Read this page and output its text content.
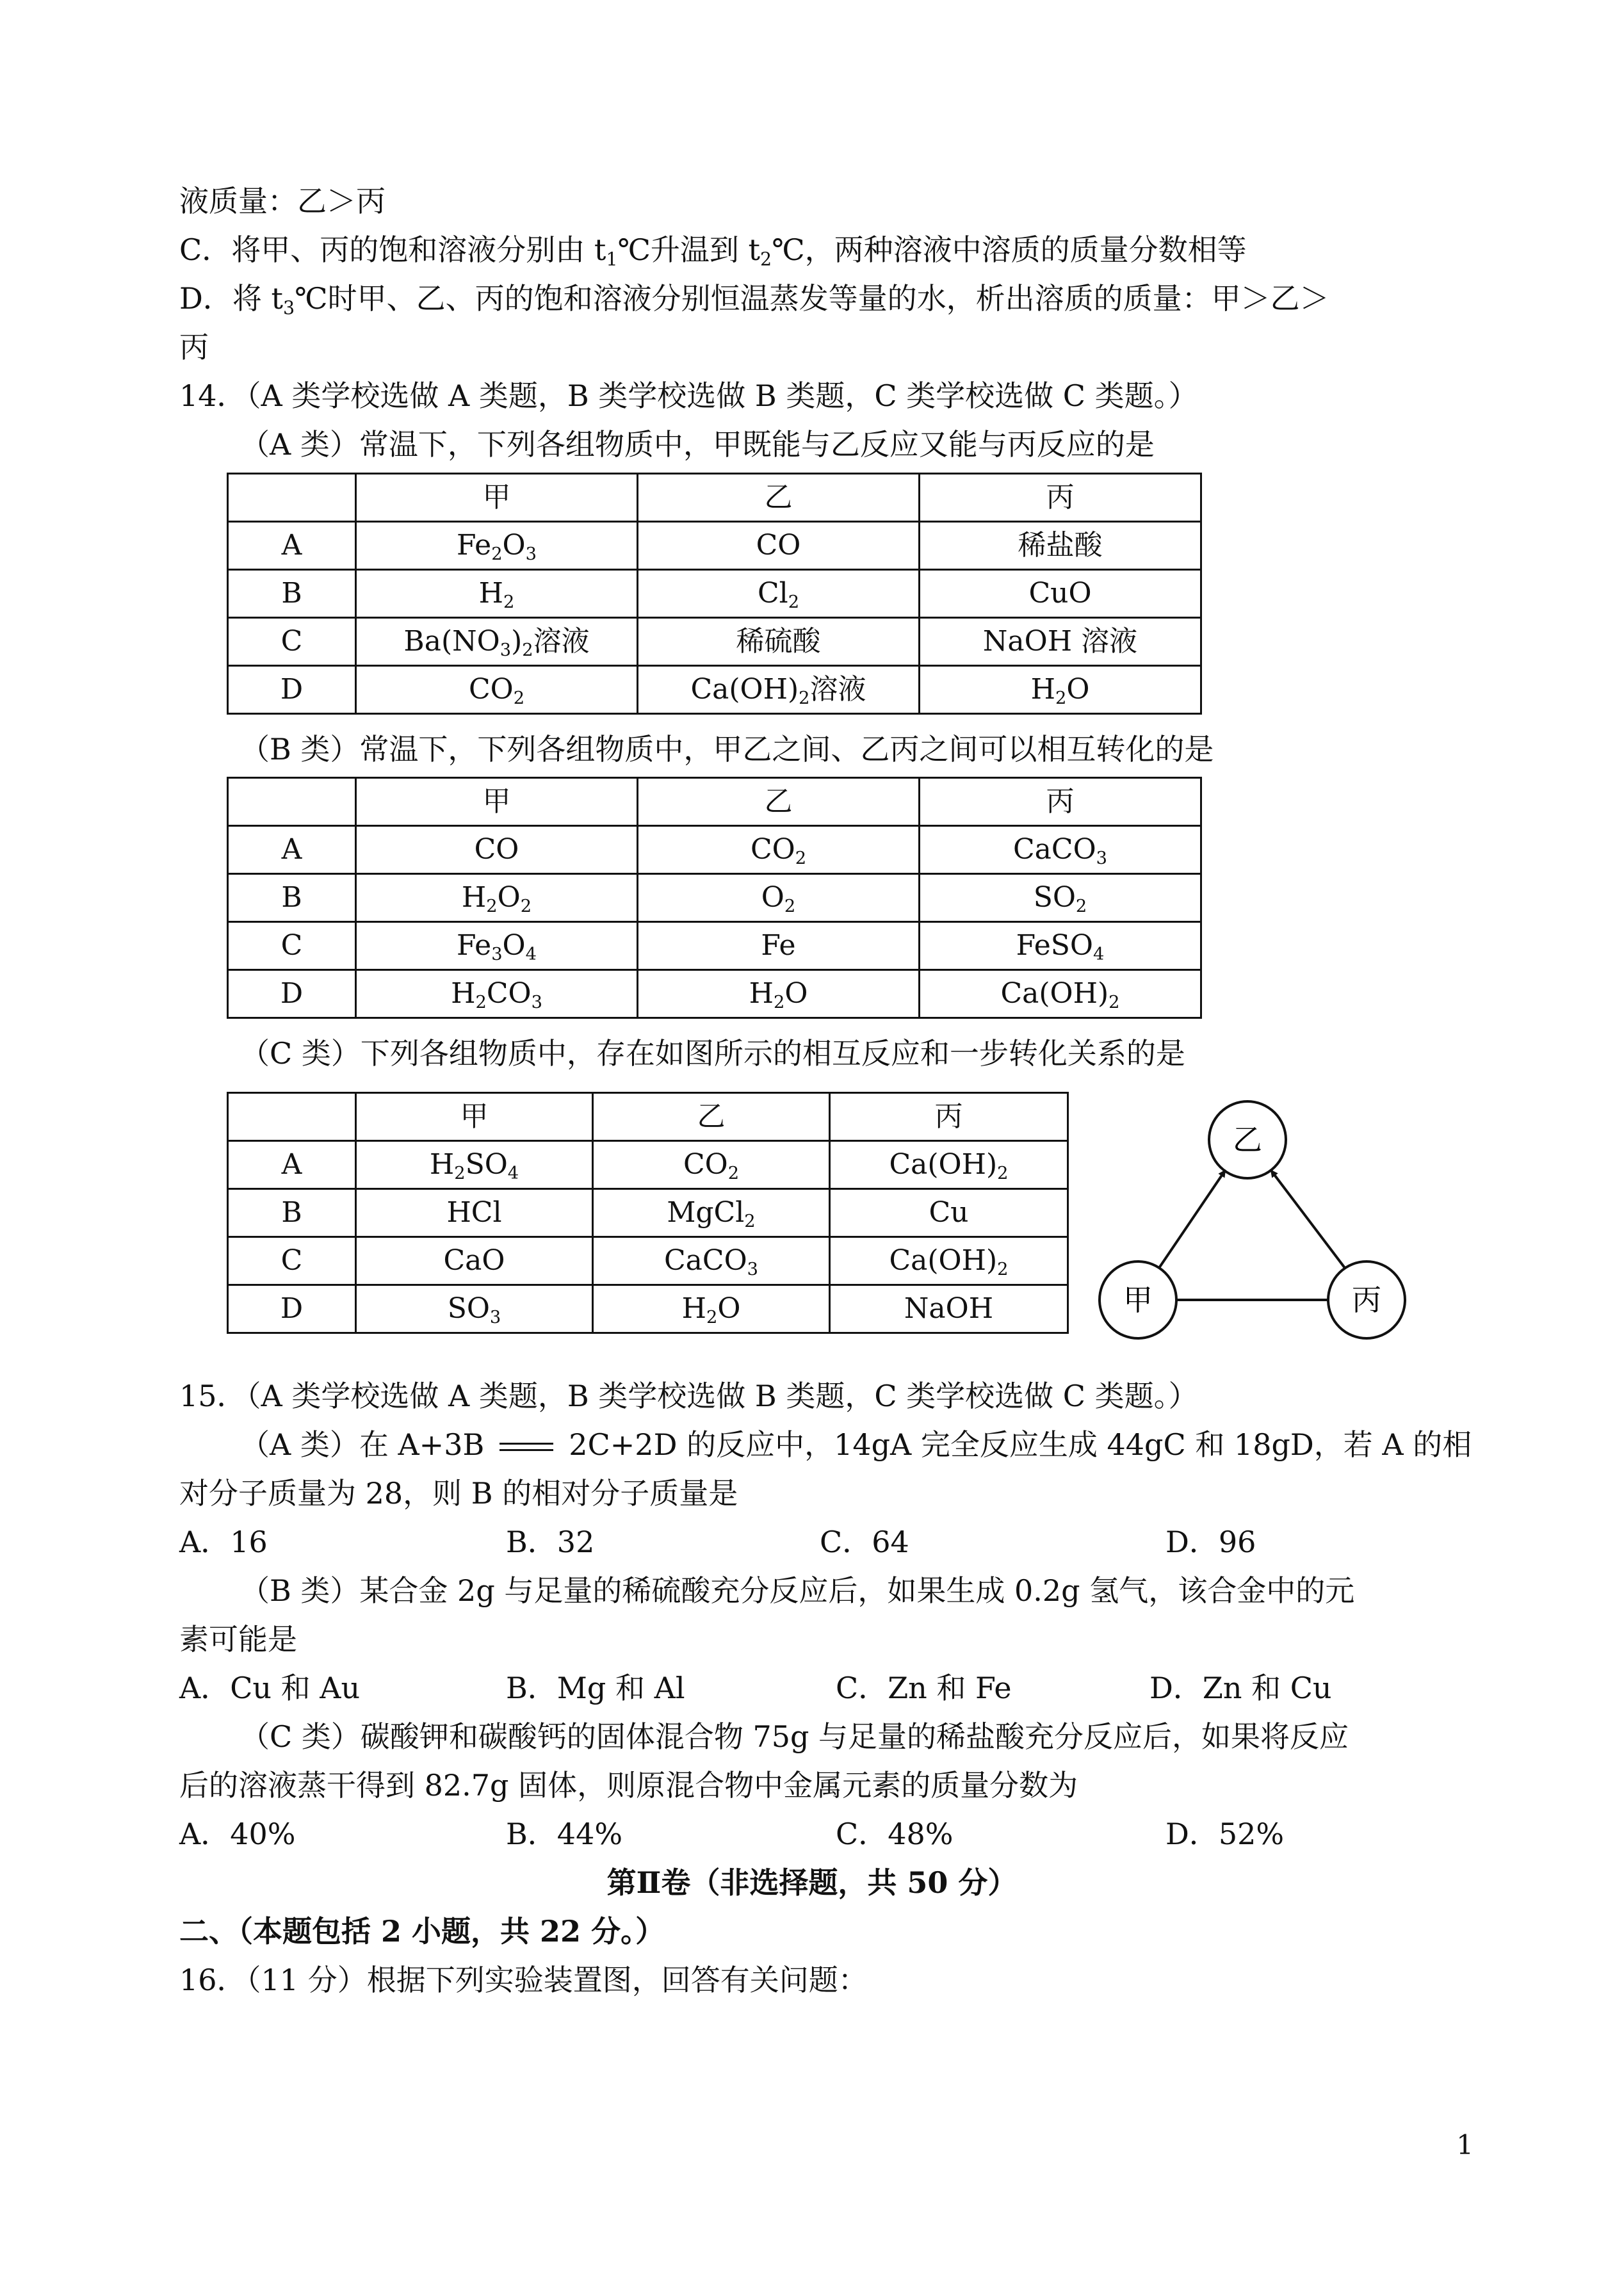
液质量：乙＞丙
C．将甲、丙的饱和溶液分别由 $t_1℃$升温到 $t_2℃$，两种溶液中溶质的质量分数相等
D．将 $t_3℃$时甲、乙、丙的饱和溶液分别恒温蒸发等量的水，析出溶质的质量：甲＞乙＞
丙
14．（A 类学校选做 A 类题，B 类学校选做 B 类题，C 类学校选做 C 类题。）
（A 类）常温下，下列各组物质中，甲既能与乙反应又能与丙反应的是
	甲	乙	丙
A	$Fe_2O_3$	CO	稀盐酸
B	$H_2$	$Cl_2$	CuO
C	$Ba(NO_3)_2$溶液	稀硫酸	NaOH 溶液
D	$CO_2$	$Ca(OH)_2$溶液	$H_2O$
（B 类）常温下，下列各组物质中，甲乙之间、乙丙之间可以相互转化的是
	甲	乙	丙
A	CO	$CO_2$	CaCO$_3$
B	$H_2O_2$	$O_2$	$SO_2$
C	$Fe_3O_4$	Fe	FeSO$_4$
D	$H_2CO_3$	$H_2O$	$Ca(OH)_2$
（C 类）下列各组物质中，存在如图所示的相互反应和一步转化关系的是
	甲	乙	丙
A	$H_2SO_4$	$CO_2$	$Ca(OH)_2$
B	HCl	MgCl$_2$	Cu
C	CaO	CaCO$_3$	$Ca(OH)_2$
D	$SO_3$	$H_2O$	NaOH
乙
甲	丙
15．（A 类学校选做 A 类题，B 类学校选做 B 类题，C 类学校选做 C 类题。）
（A 类）在 A+3B	2C+2D 的反应中，14gA 完全反应生成 44gC 和 18gD，若 A 的相
对分子质量为 28，则 B 的相对分子质量是
A．16	B．32	C．64	D．96
（B 类）某合金 2g 与足量的稀硫酸充分反应后，如果生成 0.2g 氢气，该合金中的元
素可能是
A．Cu 和 Au	B．Mg 和 Al	C．Zn 和 Fe	D．Zn 和 Cu
（C 类）碳酸钾和碳酸钙的固体混合物 75g 与足量的稀盐酸充分反应后，如果将反应
后的溶液蒸干得到 82.7g 固体，则原混合物中金属元素的质量分数为
A．40%	B．44%	C．48%	D．52%
第Ⅱ卷（非选择题，共 50 分）
二、（本题包括 2 小题，共 22 分。）
16．（11 分）根据下列实验装置图，回答有关问题：
1
